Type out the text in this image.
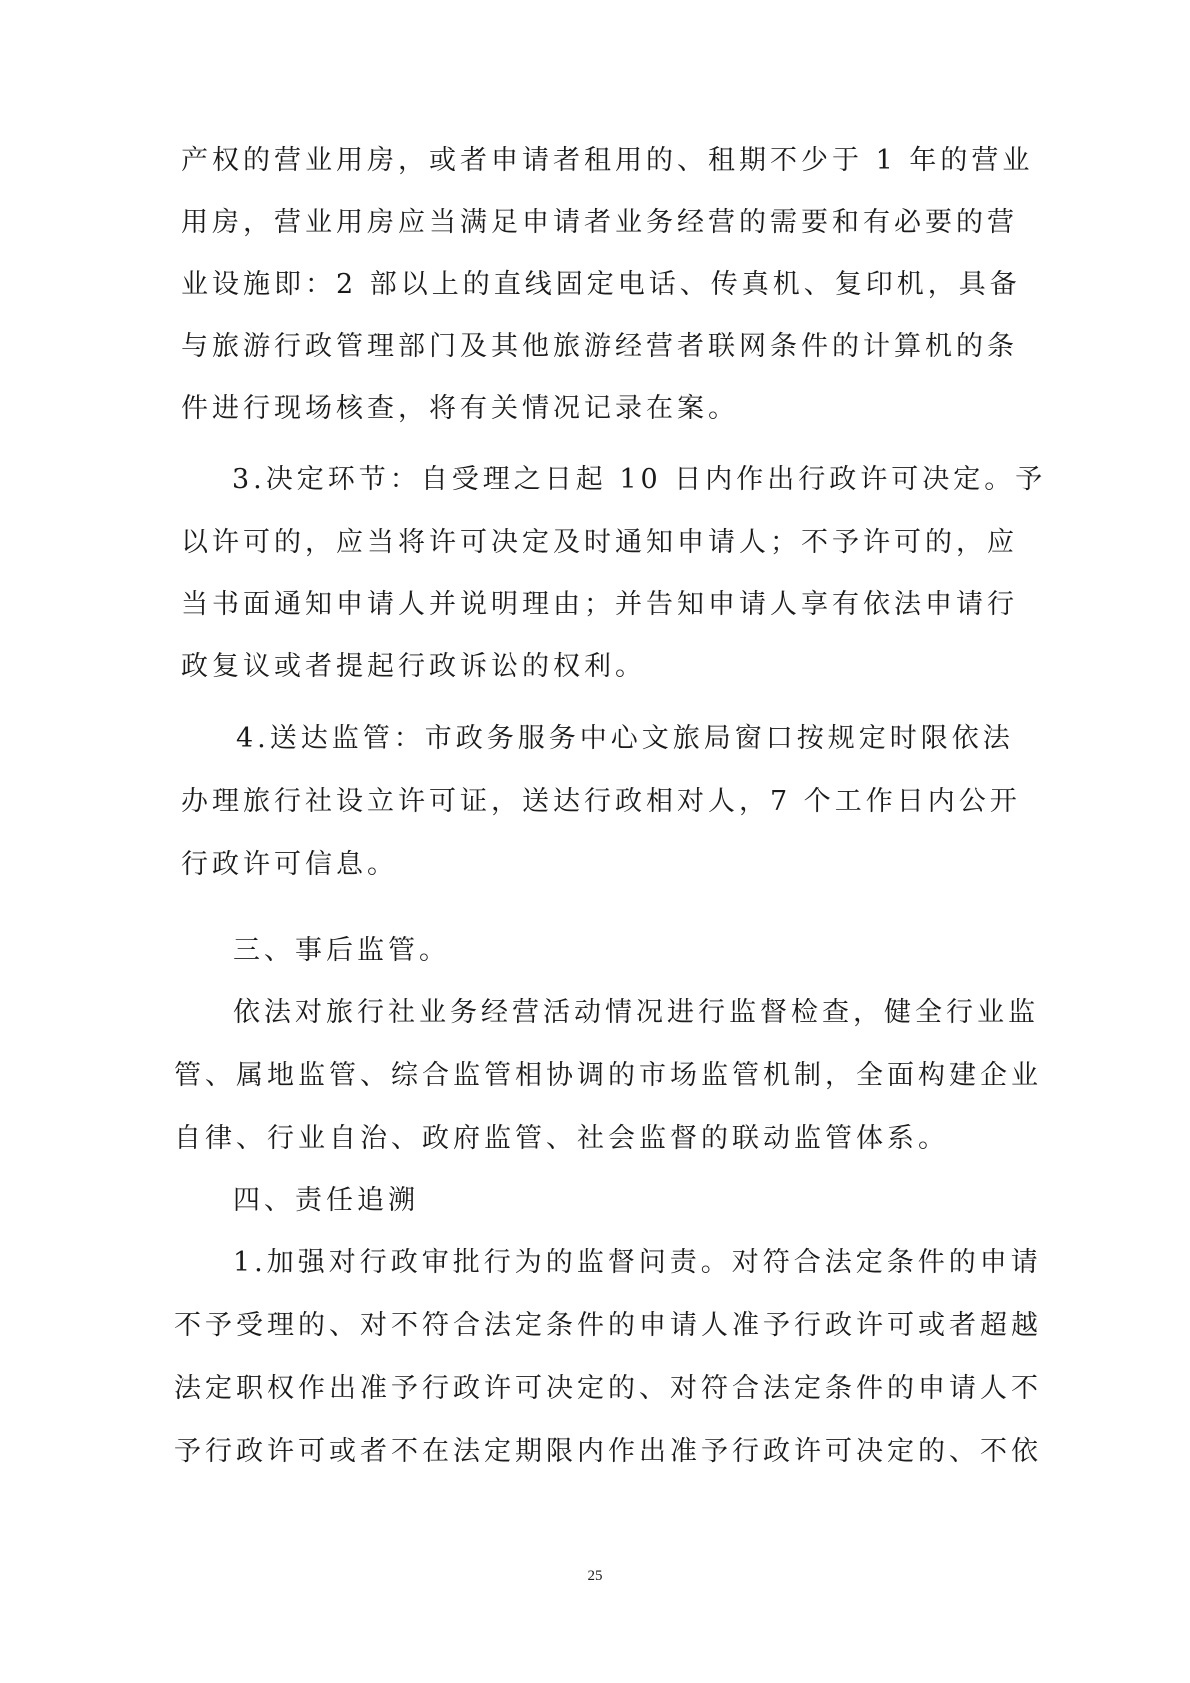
产权的营业用房，或者申请者租用的、租期不少于 1 年的营业
用房，营业用房应当满足申请者业务经营的需要和有必要的营
业设施即：2 部以上的直线固定电话、传真机、复印机，具备
与旅游行政管理部门及其他旅游经营者联网条件的计算机的条
件进行现场核查，将有关情况记录在案。
3.决定环节：自受理之日起 10 日内作出行政许可决定。予
以许可的，应当将许可决定及时通知申请人；不予许可的，应
当书面通知申请人并说明理由；并告知申请人享有依法申请行
政复议或者提起行政诉讼的权利。
4.送达监管：市政务服务中心文旅局窗口按规定时限依法
办理旅行社设立许可证，送达行政相对人，7 个工作日内公开
行政许可信息。
三、事后监管。
依法对旅行社业务经营活动情况进行监督检查，健全行业监
管、属地监管、综合监管相协调的市场监管机制，全面构建企业
自律、行业自治、政府监管、社会监督的联动监管体系。
四、责任追溯
1.加强对行政审批行为的监督问责。对符合法定条件的申请
不予受理的、对不符合法定条件的申请人准予行政许可或者超越
法定职权作出准予行政许可决定的、对符合法定条件的申请人不
予行政许可或者不在法定期限内作出准予行政许可决定的、不依
25
